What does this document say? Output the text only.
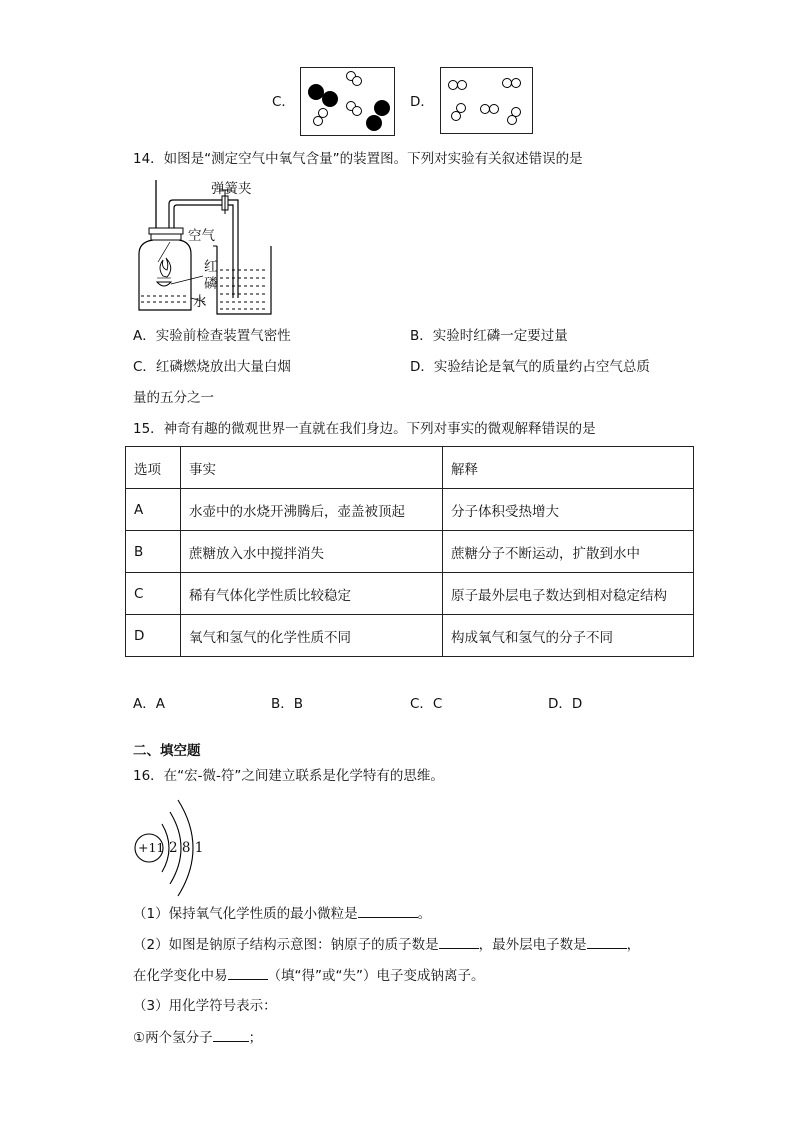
C．	D．
14．如图是“测定空气中氧气含量”的装置图。下列对实验有关叙述错误的是
弹簧夹
空气
红
磷
水
A．实验前检查装置气密性	B．实验时红磷一定要过量
C．红磷燃烧放出大量白烟	D．实验结论是氧气的质量约占空气总质
量的五分之一
15．神奇有趣的微观世界一直就在我们身边。下列对事实的微观解释错误的是
选项	事实	解释
A	水壶中的水烧开沸腾后，壶盖被顶起	分子体积受热增大
B	蔗糖放入水中搅拌消失	蔗糖分子不断运动，扩散到水中
C	稀有气体化学性质比较稳定	原子最外层电子数达到相对稳定结构
D	氧气和氢气的化学性质不同	构成氧气和氢气的分子不同
A．A	B．B	C．C	D．D
二、填空题
16．在“宏-微-符”之间建立联系是化学特有的思维。
+11 2 8 1
（1）保持氧气化学性质的最小微粒是	。
（2）如图是钠原子结构示意图：钠原子的质子数是	，最外层电子数是	，
在化学变化中易	（填“得”或“失”）电子变成钠离子。
（3）用化学符号表示：
①两个氢分子	；
